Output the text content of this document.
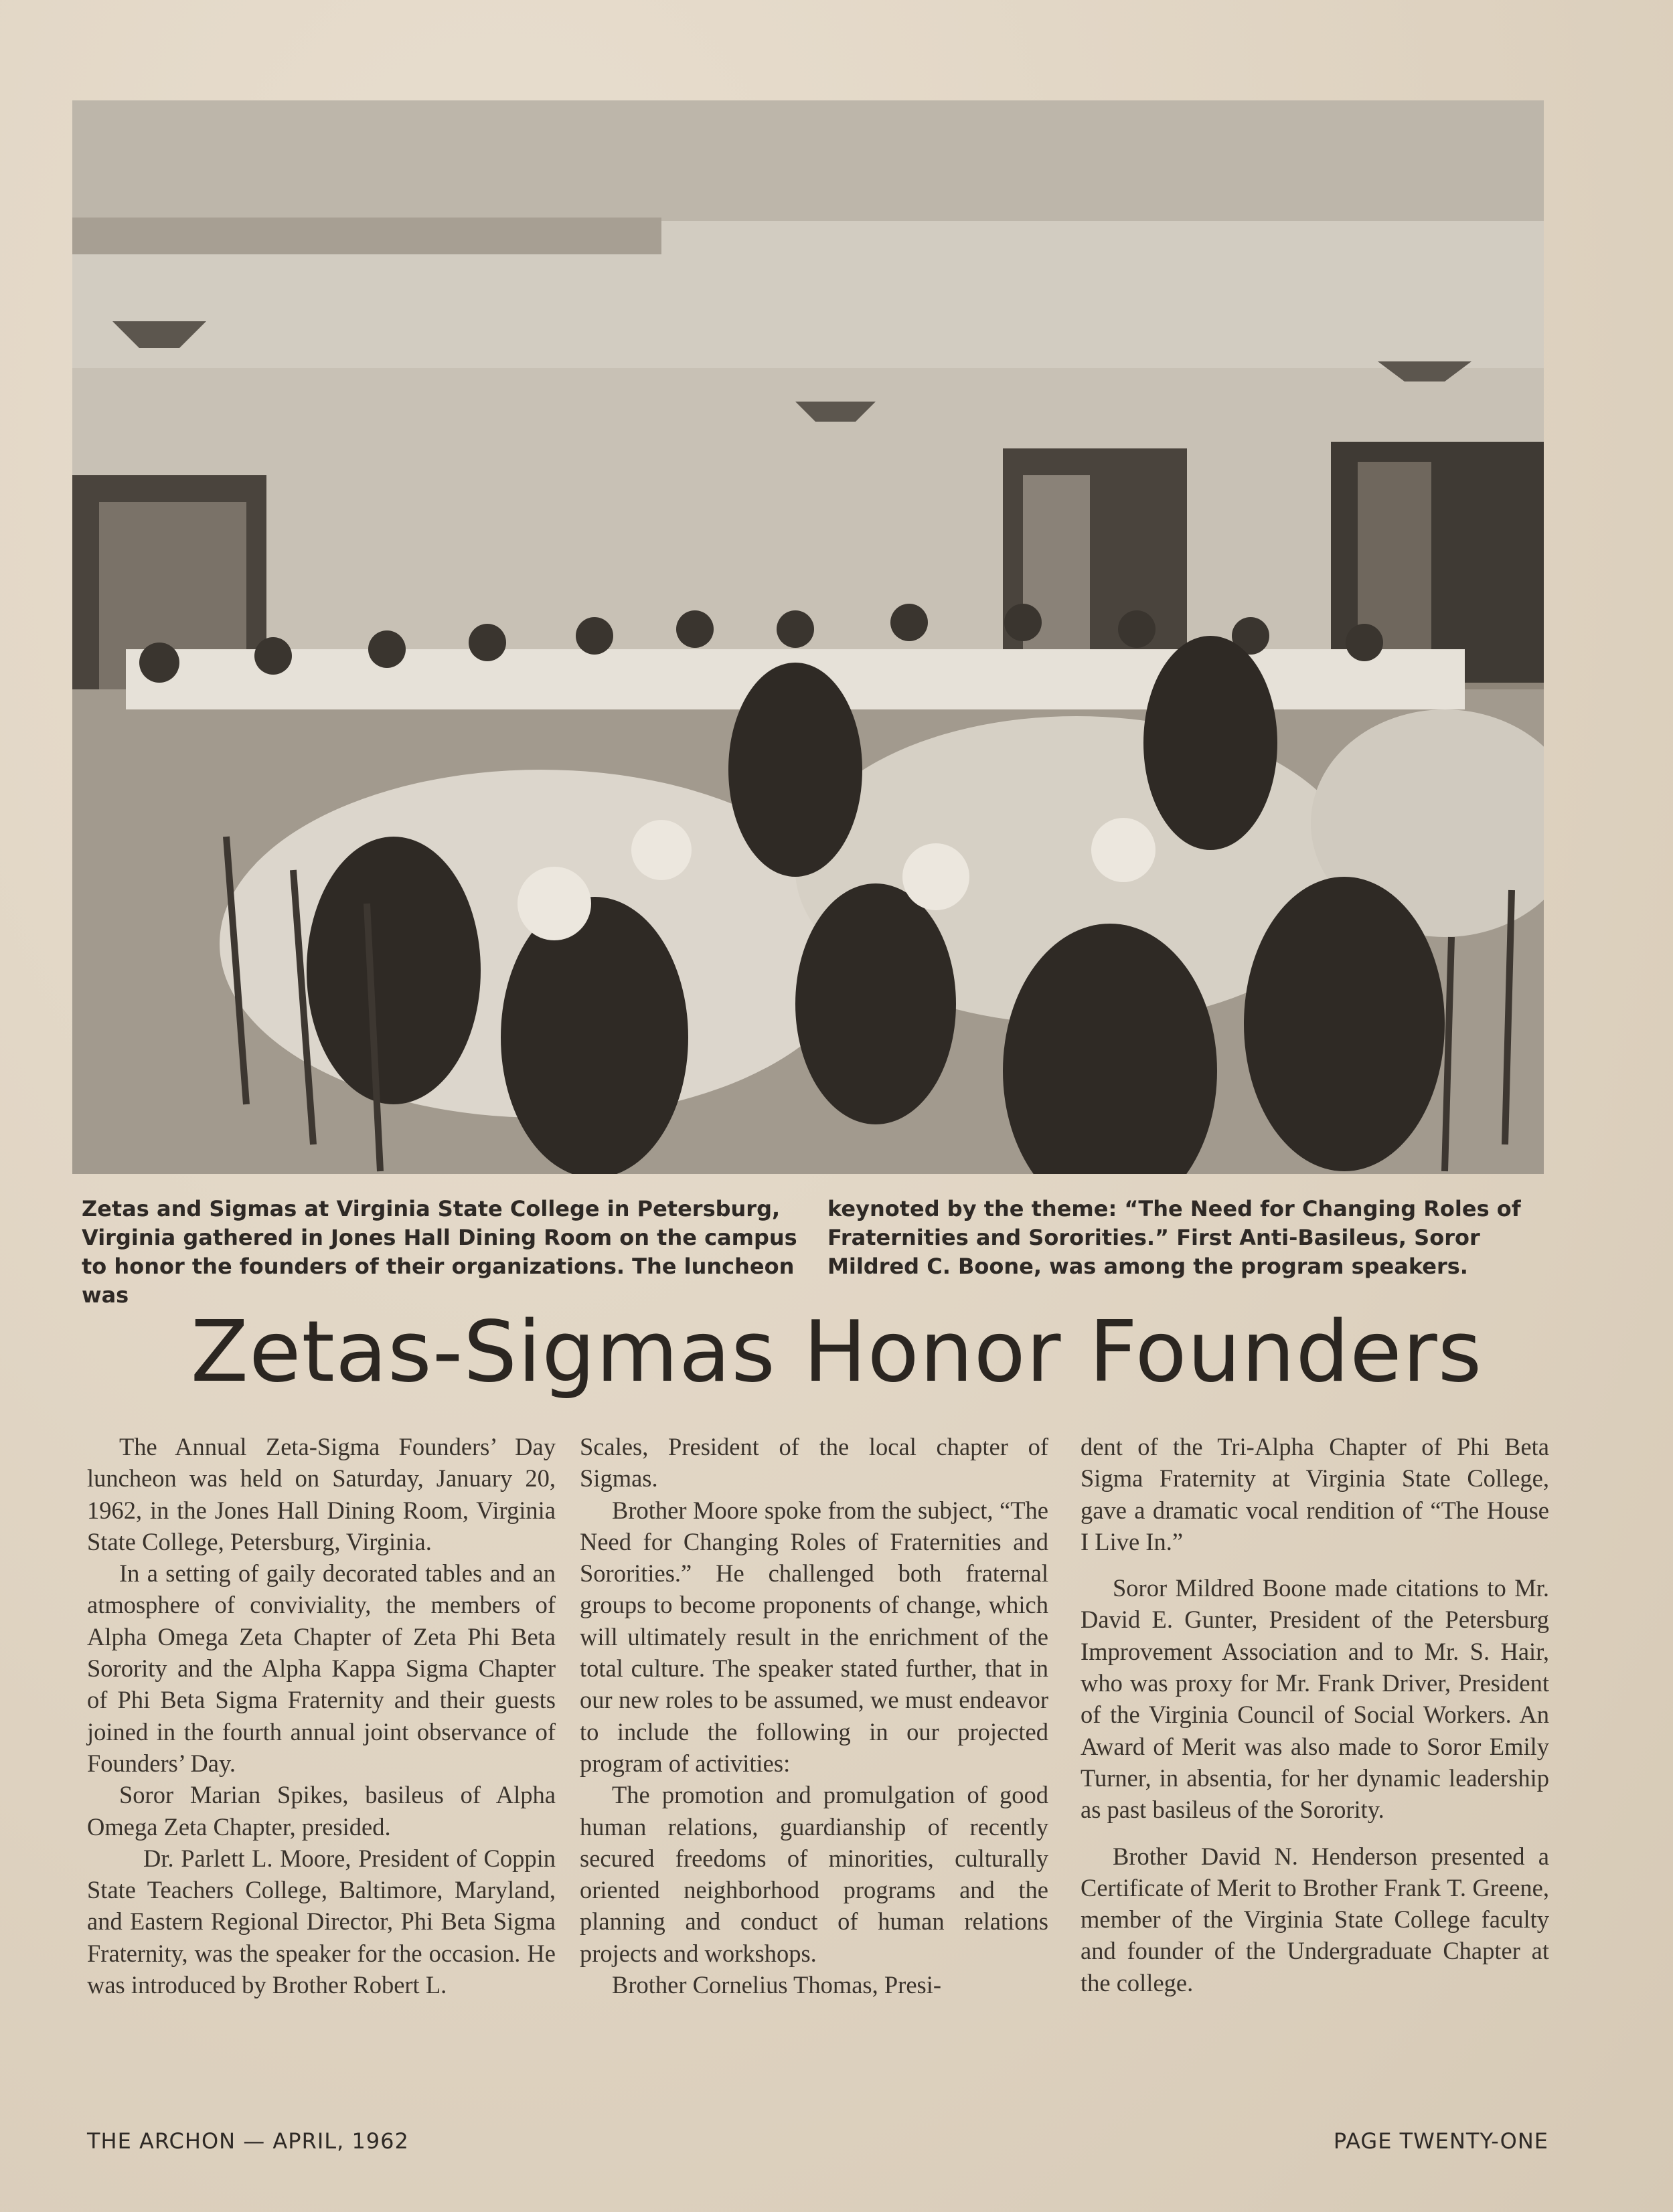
Zetas and Sigmas at Virginia State College in Petersburg, Virginia gathered in Jones Hall Dining Room on the campus to honor the founders of their organizations. The luncheon was

keynoted by the theme: “The Need for Changing Roles of Fraternities and Sororities.” First Anti-Basileus, Soror Mildred C. Boone, was among the program speakers.

Zetas-Sigmas Honor Founders

The Annual Zeta-Sigma Founders’ Day luncheon was held on Saturday, January 20, 1962, in the Jones Hall Dining Room, Virginia State College, Petersburg, Virginia.

In a setting of gaily decorated tables and an atmosphere of conviviality, the members of Alpha Omega Zeta Chapter of Zeta Phi Beta Sorority and the Alpha Kappa Sigma Chapter of Phi Beta Sigma Fraternity and their guests joined in the fourth annual joint observance of Founders’ Day.

Soror Marian Spikes, basileus of Alpha Omega Zeta Chapter, presided.

Dr. Parlett L. Moore, President of Coppin State Teachers College, Baltimore, Maryland, and Eastern Regional Director, Phi Beta Sigma Fraternity, was the speaker for the occasion. He was introduced by Brother Robert L.

Scales, President of the local chapter of Sigmas.

Brother Moore spoke from the subject, “The Need for Changing Roles of Fraternities and Sororities.” He challenged both fraternal groups to become proponents of change, which will ultimately result in the enrichment of the total culture. The speaker stated further, that in our new roles to be assumed, we must endeavor to include the following in our projected program of activities:

The promotion and promulgation of good human relations, guardianship of recently secured freedoms of minorities, culturally oriented neighborhood programs and the planning and conduct of human relations projects and workshops.

Brother Cornelius Thomas, Presi-

dent of the Tri-Alpha Chapter of Phi Beta Sigma Fraternity at Virginia State College, gave a dramatic vocal rendition of “The House I Live In.”

Soror Mildred Boone made citations to Mr. David E. Gunter, President of the Petersburg Improvement Association and to Mr. S. Hair, who was proxy for Mr. Frank Driver, President of the Virginia Council of Social Workers. An Award of Merit was also made to Soror Emily Turner, in absentia, for her dynamic leadership as past basileus of the Sorority.

Brother David N. Henderson presented a Certificate of Merit to Brother Frank T. Greene, member of the Virginia State College faculty and founder of the Undergraduate Chapter at the college.

THE ARCHON — APRIL, 1962	PAGE TWENTY-ONE
